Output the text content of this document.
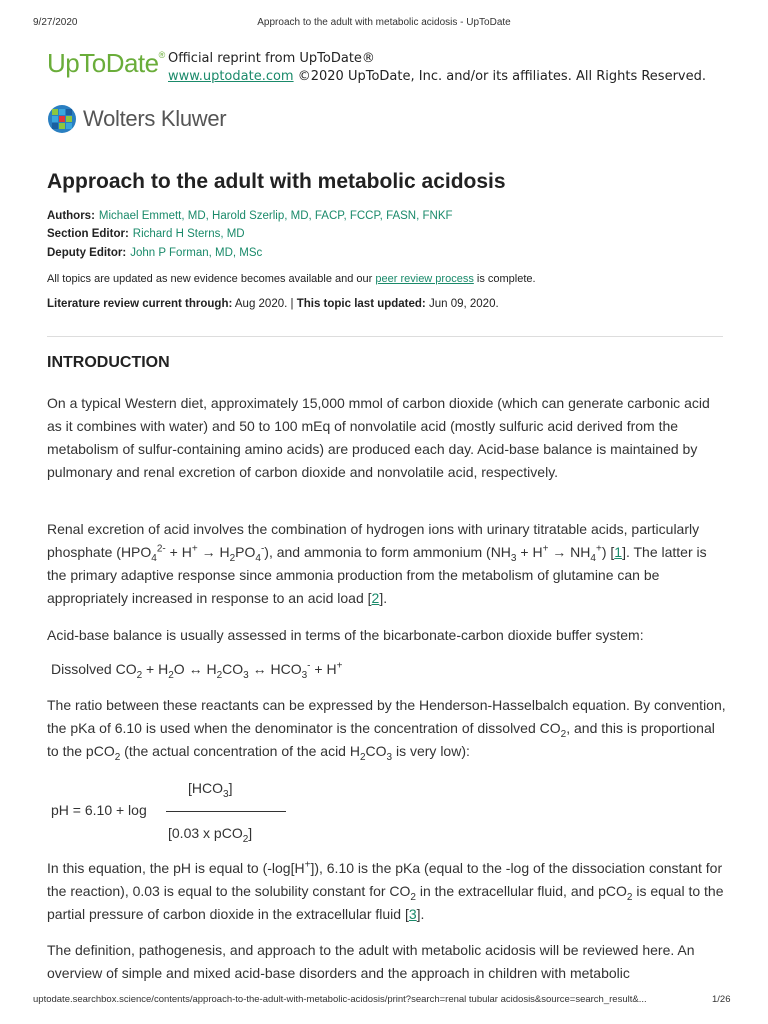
9/27/2020	Approach to the adult with metabolic acidosis - UpToDate
UpToDate® Official reprint from UpToDate®
www.uptodate.com ©2020 UpToDate, Inc. and/or its affiliates. All Rights Reserved.
Wolters Kluwer
Approach to the adult with metabolic acidosis
Authors: Michael Emmett, MD, Harold Szerlip, MD, FACP, FCCP, FASN, FNKF
Section Editor: Richard H Sterns, MD
Deputy Editor: John P Forman, MD, MSc
All topics are updated as new evidence becomes available and our peer review process is complete.
Literature review current through: Aug 2020. | This topic last updated: Jun 09, 2020.
INTRODUCTION
On a typical Western diet, approximately 15,000 mmol of carbon dioxide (which can generate carbonic acid as it combines with water) and 50 to 100 mEq of nonvolatile acid (mostly sulfuric acid derived from the metabolism of sulfur-containing amino acids) are produced each day. Acid-base balance is maintained by pulmonary and renal excretion of carbon dioxide and nonvolatile acid, respectively.
Renal excretion of acid involves the combination of hydrogen ions with urinary titratable acids, particularly phosphate $(HPO_4^{2-} + H^+ \to H_2PO_4^-)$, and ammonia to form ammonium $(NH_3 + H^+ \to NH_4^+)$ [1]. The latter is the primary adaptive response since ammonia production from the metabolism of glutamine can be appropriately increased in response to an acid load [2].
Acid-base balance is usually assessed in terms of the bicarbonate-carbon dioxide buffer system:
Dissolved $CO_2 + H_2O$ ↔ $H_2CO_3$ ↔ $HCO_3^- + H^+$
The ratio between these reactants can be expressed by the Henderson-Hasselbalch equation. By convention, the pKa of 6.10 is used when the denominator is the concentration of dissolved $CO_2$, and this is proportional to the pCO$_2$ (the actual concentration of the acid $H_2CO_3$ is very low):
$[HCO_3]$
pH = 6.10 + log
[0.03 x pCO$_2$]
In this equation, the pH is equal to (-log[H+]), 6.10 is the pKa (equal to the -log of the dissociation constant for the reaction), 0.03 is equal to the solubility constant for $CO_2$ in the extracellular fluid, and pCO$_2$ is equal to the partial pressure of carbon dioxide in the extracellular fluid [3].
The definition, pathogenesis, and approach to the adult with metabolic acidosis will be reviewed here. An overview of simple and mixed acid-base disorders and the approach in children with metabolic
uptodate.searchbox.science/contents/approach-to-the-adult-with-metabolic-acidosis/print?search=renal tubular acidosis&source=search_result&...	1/26
